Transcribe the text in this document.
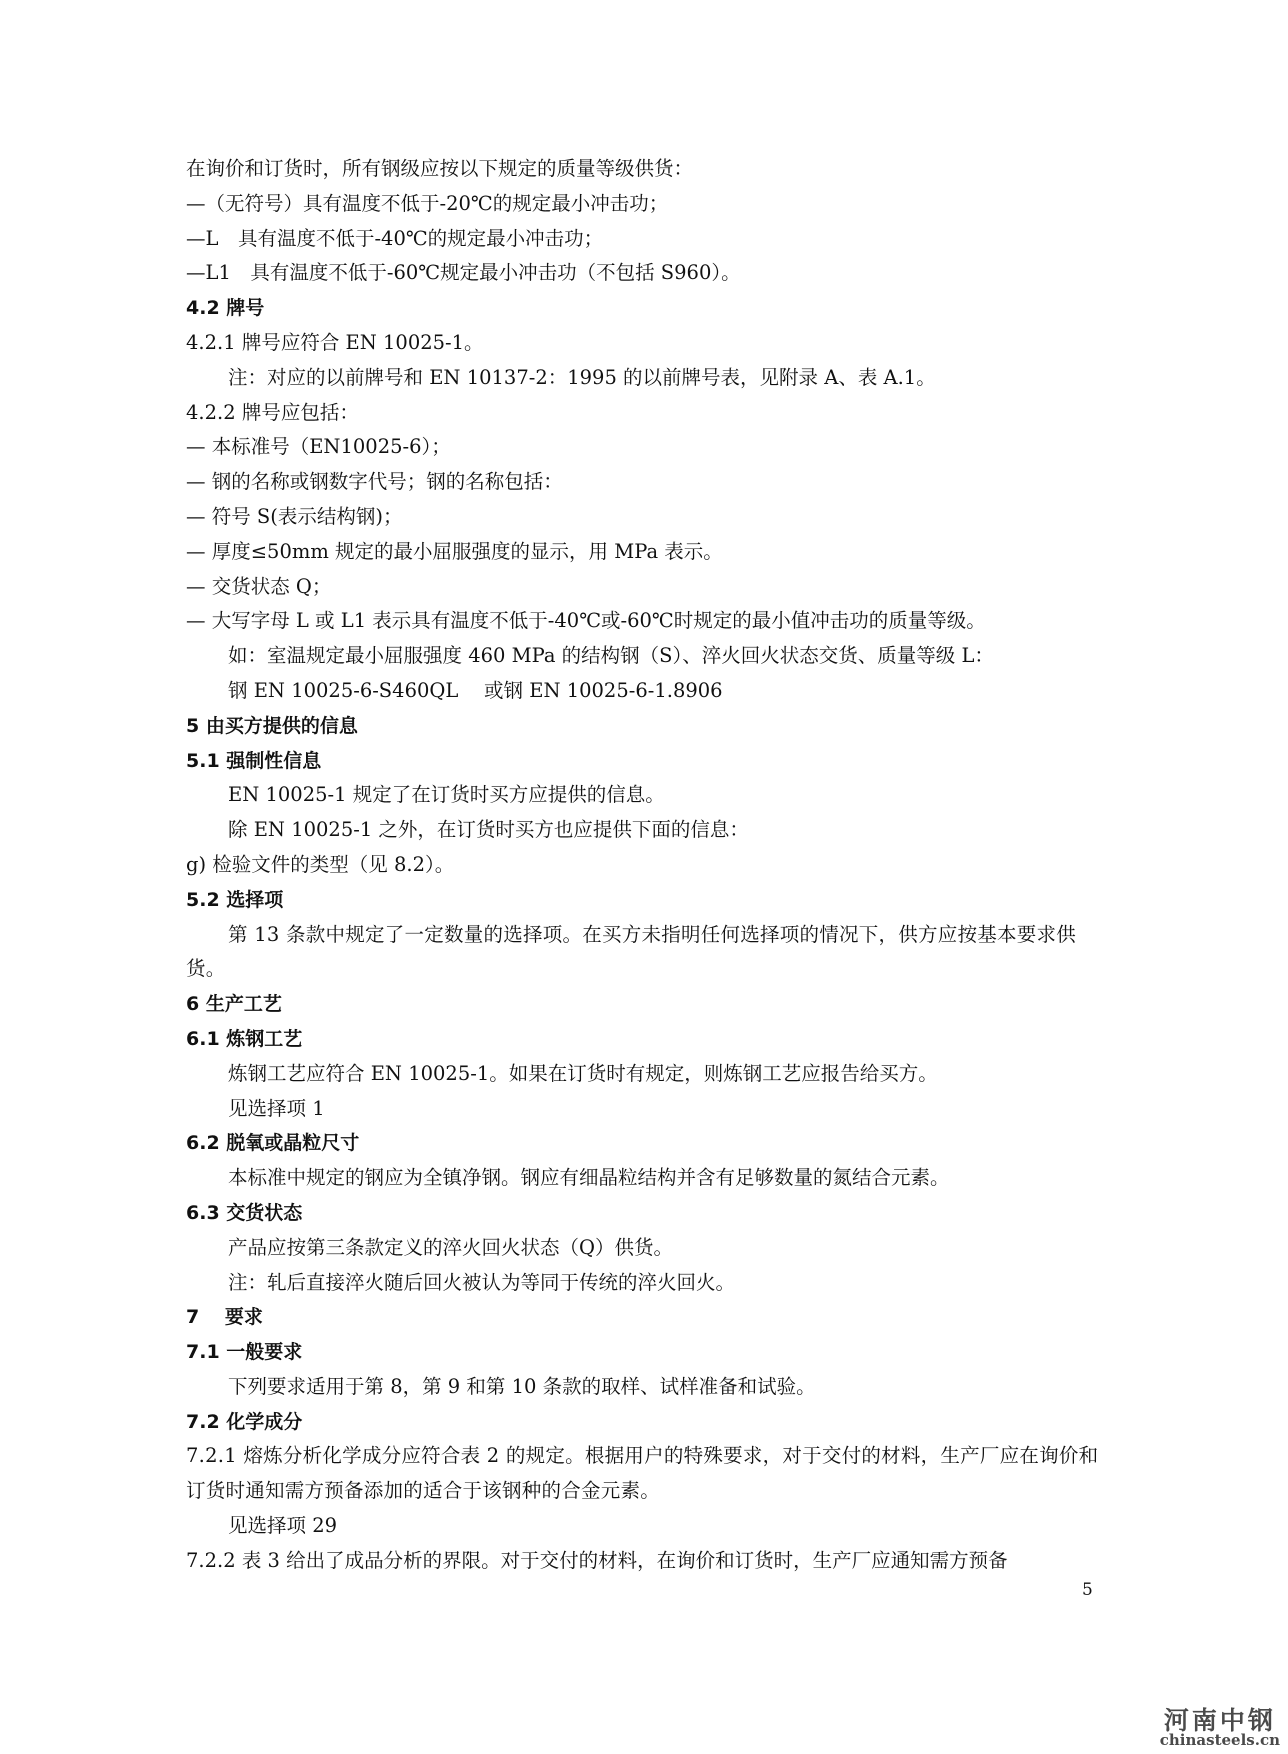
在询价和订货时，所有钢级应按以下规定的质量等级供货：
—（无符号）具有温度不低于-20℃的规定最小冲击功；
—L　具有温度不低于-40℃的规定最小冲击功；
—L1　具有温度不低于-60℃规定最小冲击功（不包括 S960）。
4.2 牌号
4.2.1 牌号应符合 EN 10025-1。
注：对应的以前牌号和 EN 10137-2：1995 的以前牌号表，见附录 A、表 A.1。
4.2.2 牌号应包括：
— 本标准号（EN10025-6）；
— 钢的名称或钢数字代号；钢的名称包括：
— 符号 S(表示结构钢)；
— 厚度≤50mm 规定的最小屈服强度的显示，用 MPa 表示。
— 交货状态 Q；
— 大写字母 L 或 L1 表示具有温度不低于-40℃或-60℃时规定的最小值冲击功的质量等级。
如：室温规定最小屈服强度 460 MPa 的结构钢（S）、淬火回火状态交货、质量等级 L：
钢 EN 10025-6-S460QL　 或钢 EN 10025-6-1.8906
5 由买方提供的信息
5.1 强制性信息
EN 10025-1 规定了在订货时买方应提供的信息。
除 EN 10025-1 之外，在订货时买方也应提供下面的信息：
g) 检验文件的类型（见 8.2）。
5.2 选择项
第 13 条款中规定了一定数量的选择项。在买方未指明任何选择项的情况下，供方应按基本要求供货。
6 生产工艺
6.1 炼钢工艺
炼钢工艺应符合 EN 10025-1。如果在订货时有规定，则炼钢工艺应报告给买方。
见选择项 1
6.2 脱氧或晶粒尺寸
本标准中规定的钢应为全镇净钢。钢应有细晶粒结构并含有足够数量的氮结合元素。
6.3 交货状态
产品应按第三条款定义的淬火回火状态（Q）供货。
注：轧后直接淬火随后回火被认为等同于传统的淬火回火。
7　 要求
7.1 一般要求
下列要求适用于第 8，第 9 和第 10 条款的取样、试样准备和试验。
7.2 化学成分
7.2.1 熔炼分析化学成分应符合表 2 的规定。根据用户的特殊要求，对于交付的材料，生产厂应在询价和订货时通知需方预备添加的适合于该钢种的合金元素。
见选择项 29
7.2.2 表 3 给出了成品分析的界限。对于交付的材料，在询价和订货时，生产厂应通知需方预备
5
河南中钢
chinasteels.cn
